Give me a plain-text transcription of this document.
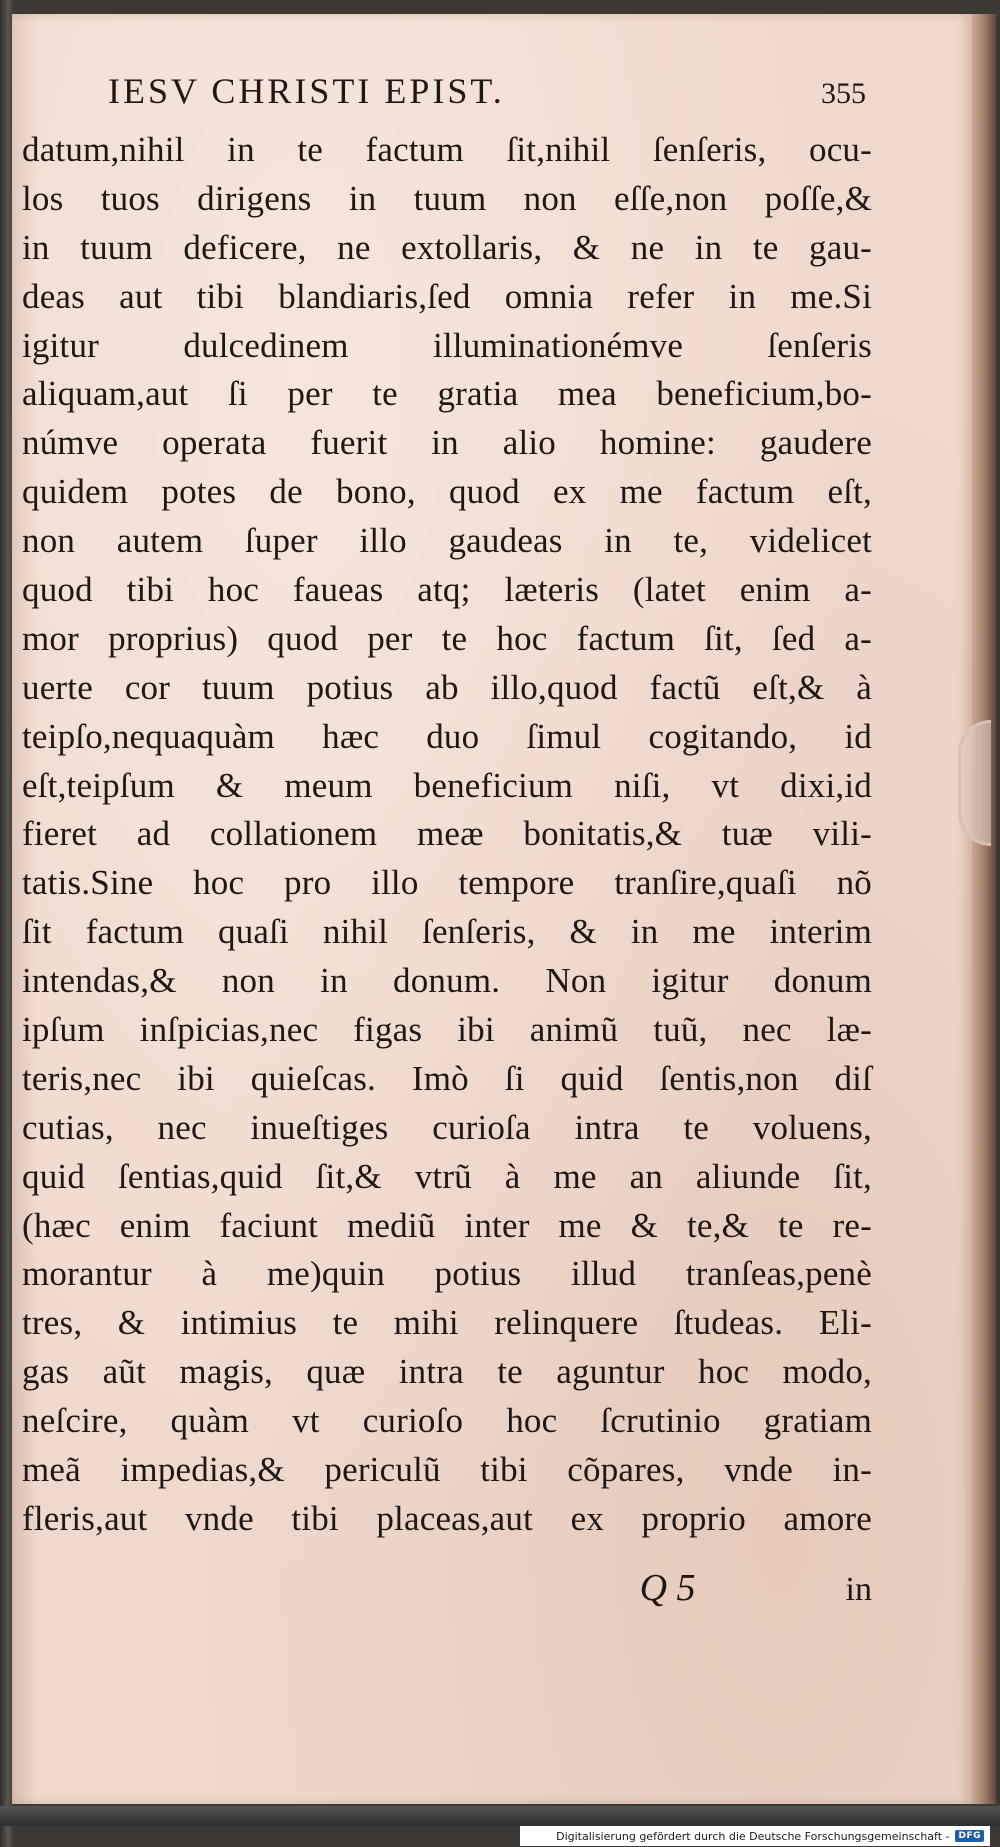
IESV CHRISTI EPIST.	355
datum,nihil in te factum ſit,nihil ſenſeris, ocu-
los tuos dirigens in tuum non eſſe,non poſſe,&
in tuum deficere, ne extollaris, & ne in te gau-
deas aut tibi blandiaris,ſed omnia refer in me.Si
igitur dulcedinem illuminationémve ſenſeris
aliquam,aut ſi per te gratia mea beneficium,bo-
númve operata fuerit in alio homine: gaudere
quidem potes de bono, quod ex me factum eſt,
non autem ſuper illo gaudeas in te, videlicet
quod tibi hoc faueas atq; læteris (latet enim a-
mor proprius) quod per te hoc factum ſit, ſed a-
uerte cor tuum potius ab illo,quod factũ eſt,& à
teipſo,nequaquàm hæc duo ſimul cogitando, id
eſt,teipſum & meum beneficium niſi, vt dixi,id
fieret ad collationem meæ bonitatis,& tuæ vili-
tatis.Sine hoc pro illo tempore tranſire,quaſi nõ
ſit factum quaſi nihil ſenſeris, & in me interim
intendas,& non in donum. Non igitur donum
ipſum inſpicias,nec figas ibi animũ tuũ, nec læ-
teris,nec ibi quieſcas. Imò ſi quid ſentis,non diſ
cutias, nec inueſtiges curioſa intra te voluens,
quid ſentias,quid ſit,& vtrũ à me an aliunde ſit,
(hæc enim faciunt mediũ inter me & te,& te re-
morantur à me)quin potius illud tranſeas,penè
tres, & intimius te mihi relinquere ſtudeas. Eli-
gas aũt magis, quæ intra te aguntur hoc modo,
neſcire, quàm vt curioſo hoc ſcrutinio gratiam
meã impedias,& periculũ tibi cõpares, vnde in-
fleris,aut vnde tibi placeas,aut ex proprio amore
Q 5	in
Digitalisierung gefördert durch die Deutsche Forschungsgemeinschaft -	DFG
